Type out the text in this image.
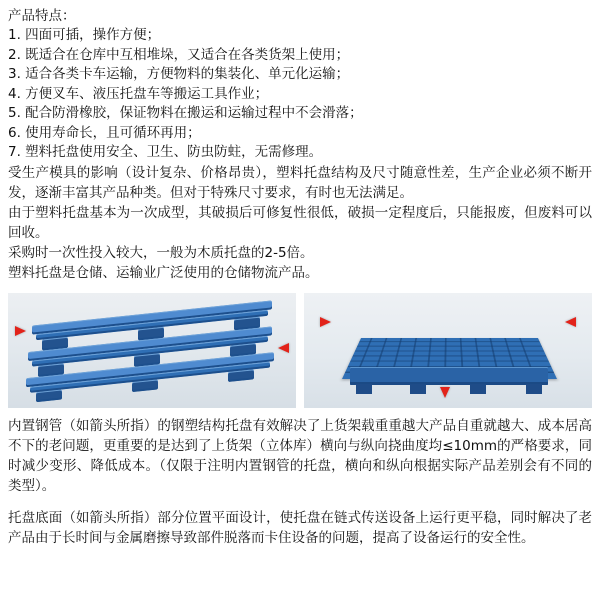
产品特点：
1. 四面可插，操作方便；
2. 既适合在仓库中互相堆垛，又适合在各类货架上使用；
3. 适合各类卡车运输，方便物料的集装化、单元化运输；
4. 方便叉车、液压托盘车等搬运工具作业；
5. 配合防滑橡胶，保证物料在搬运和运输过程中不会滑落；
6. 使用寿命长，且可循环再用；
7. 塑料托盘使用安全、卫生、防虫防蛀，无需修理。
受生产模具的影响（设计复杂、价格昂贵），塑料托盘结构及尺寸随意性差，生产企业必须不断开发，逐渐丰富其产品种类。但对于特殊尺寸要求，有时也无法满足。
由于塑料托盘基本为一次成型，其破损后可修复性很低，破损一定程度后，只能报废，但废料可以回收。
采购时一次性投入较大，一般为木质托盘的2-5倍。
塑料托盘是仓储、运输业广泛使用的仓储物流产品。
内置钢管（如箭头所指）的钢塑结构托盘有效解决了上货架载重重越大产品自重就越大、成本居高不下的老问题，更重要的是达到了上货架（立体库）横向与纵向挠曲度均≤10mm的严格要求，同时减少变形、降低成本。（仅限于注明内置钢管的托盘，横向和纵向根据实际产品差别会有不同的类型）。
托盘底面（如箭头所指）部分位置平面设计，使托盘在链式传送设备上运行更平稳，同时解决了老产品由于长时间与金属磨擦导致部件脱落而卡住设备的问题，提高了设备运行的安全性。
